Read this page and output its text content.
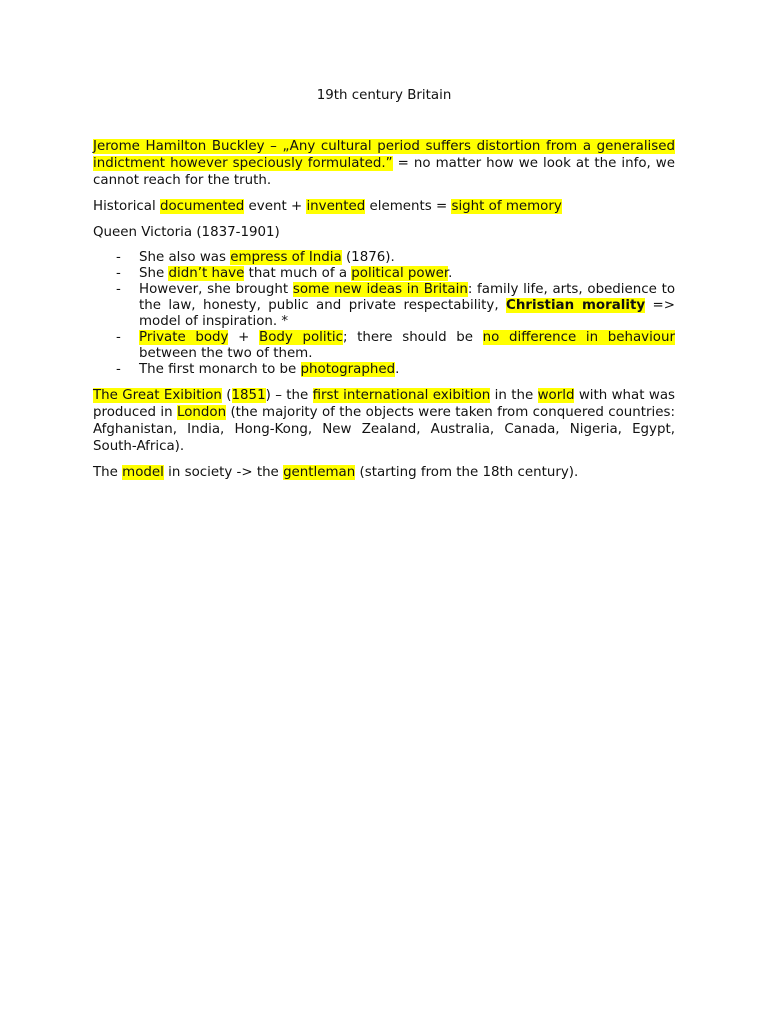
19th century Britain

Jerome Hamilton Buckley – „Any cultural period suffers distortion from a generalised indictment however speciously formulated.” = no matter how we look at the info, we cannot reach for the truth.

Historical documented event + invented elements = sight of memory

Queen Victoria (1837-1901)

- She also was empress of India (1876).
- She didn’t have that much of a political power.
- However, she brought some new ideas in Britain: family life, arts, obedience to the law, honesty, public and private respectability, Christian morality => model of inspiration. *
- Private body + Body politic; there should be no difference in behaviour between the two of them.
- The first monarch to be photographed.

The Great Exibition (1851) – the first international exibition in the world with what was produced in London (the majority of the objects were taken from conquered countries: Afghanistan, India, Hong-Kong, New Zealand, Australia, Canada, Nigeria, Egypt, South-Africa).

The model in society -> the gentleman (starting from the 18th century).
